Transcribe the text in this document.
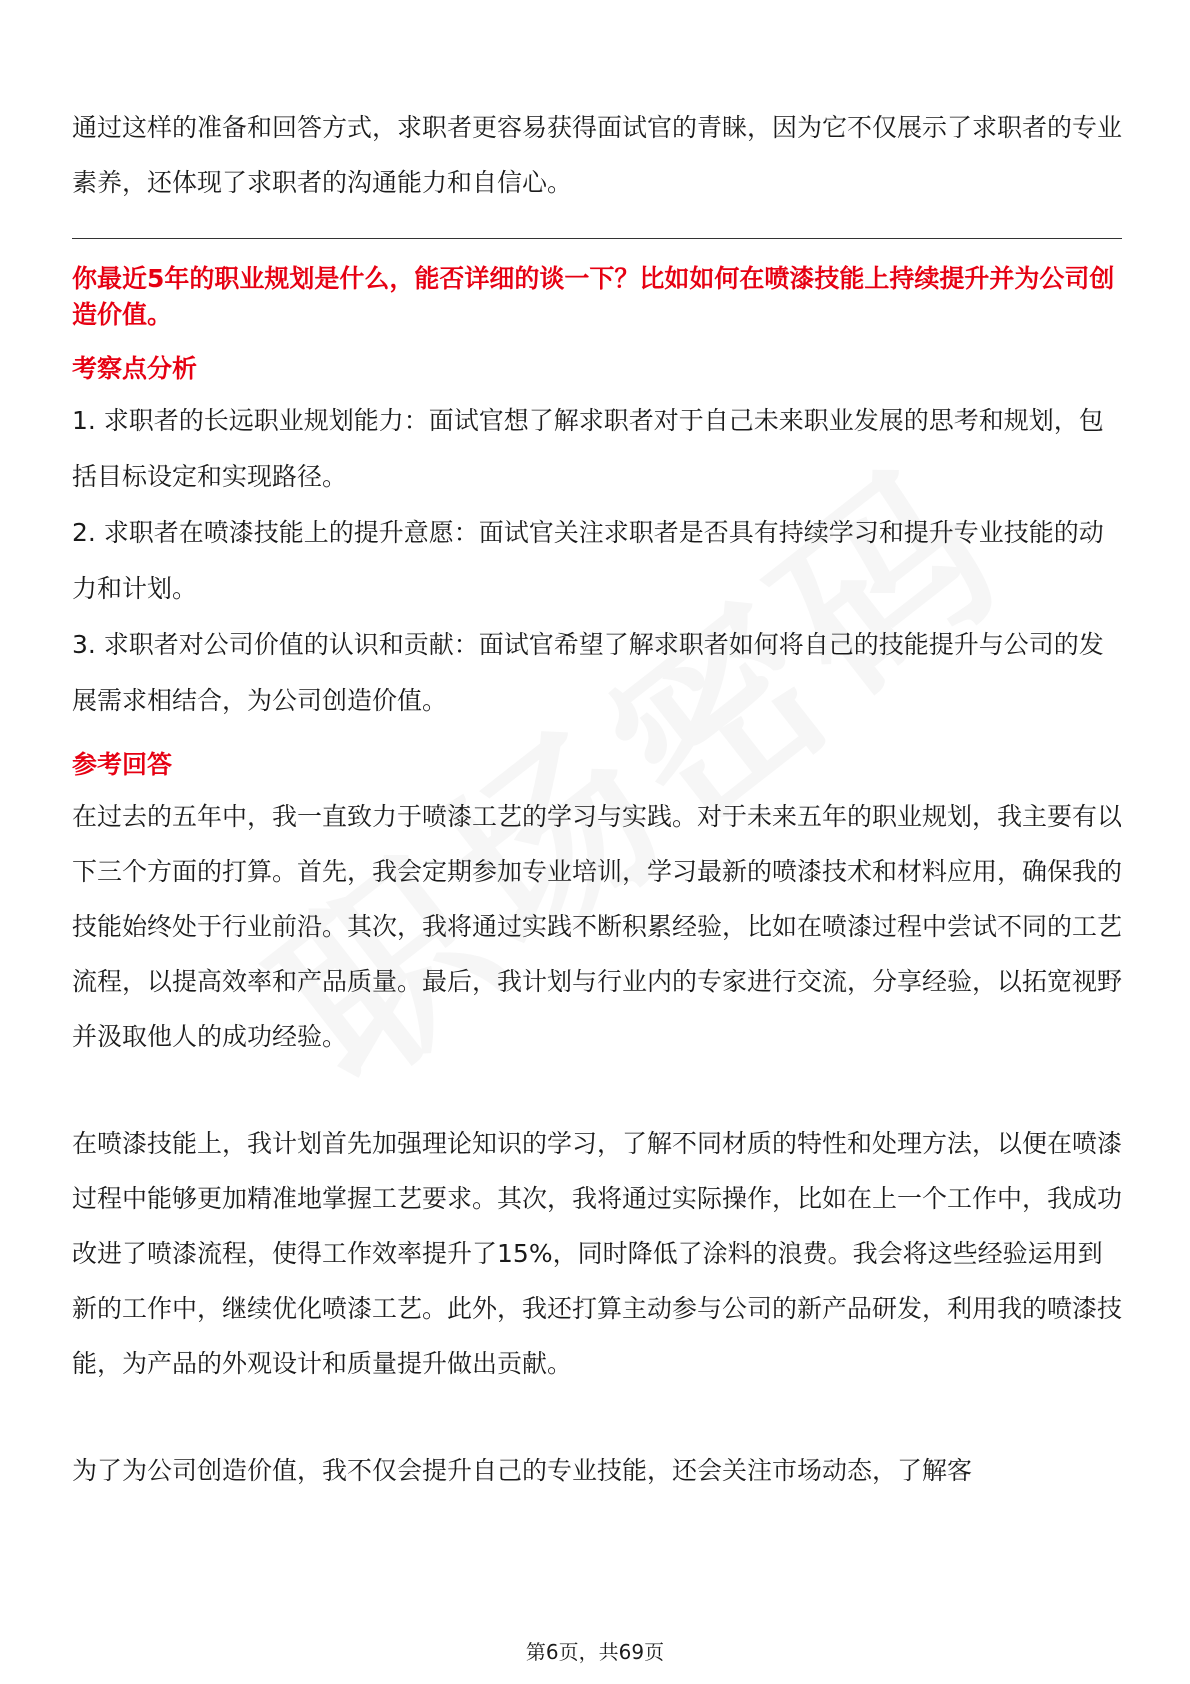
通过这样的准备和回答方式，求职者更容易获得面试官的青睐，因为它不仅展示了求职者的专业素养，还体现了求职者的沟通能力和自信心。

你最近5年的职业规划是什么，能否详细的谈一下？比如如何在喷漆技能上持续提升并为公司创造价值。

考察点分析

1. 求职者的长远职业规划能力：面试官想了解求职者对于自己未来职业发展的思考和规划，包括目标设定和实现路径。

2. 求职者在喷漆技能上的提升意愿：面试官关注求职者是否具有持续学习和提升专业技能的动力和计划。

3. 求职者对公司价值的认识和贡献：面试官希望了解求职者如何将自己的技能提升与公司的发展需求相结合，为公司创造价值。

参考回答

在过去的五年中，我一直致力于喷漆工艺的学习与实践。对于未来五年的职业规划，我主要有以下三个方面的打算。首先，我会定期参加专业培训，学习最新的喷漆技术和材料应用，确保我的技能始终处于行业前沿。其次，我将通过实践不断积累经验，比如在喷漆过程中尝试不同的工艺流程，以提高效率和产品质量。最后，我计划与行业内的专家进行交流，分享经验，以拓宽视野并汲取他人的成功经验。

在喷漆技能上，我计划首先加强理论知识的学习，了解不同材质的特性和处理方法，以便在喷漆过程中能够更加精准地掌握工艺要求。其次，我将通过实际操作，比如在上一个工作中，我成功改进了喷漆流程，使得工作效率提升了15%，同时降低了涂料的浪费。我会将这些经验运用到新的工作中，继续优化喷漆工艺。此外，我还打算主动参与公司的新产品研发，利用我的喷漆技能，为产品的外观设计和质量提升做出贡献。

为了为公司创造价值，我不仅会提升自己的专业技能，还会关注市场动态，了解客

第6页，共69页
